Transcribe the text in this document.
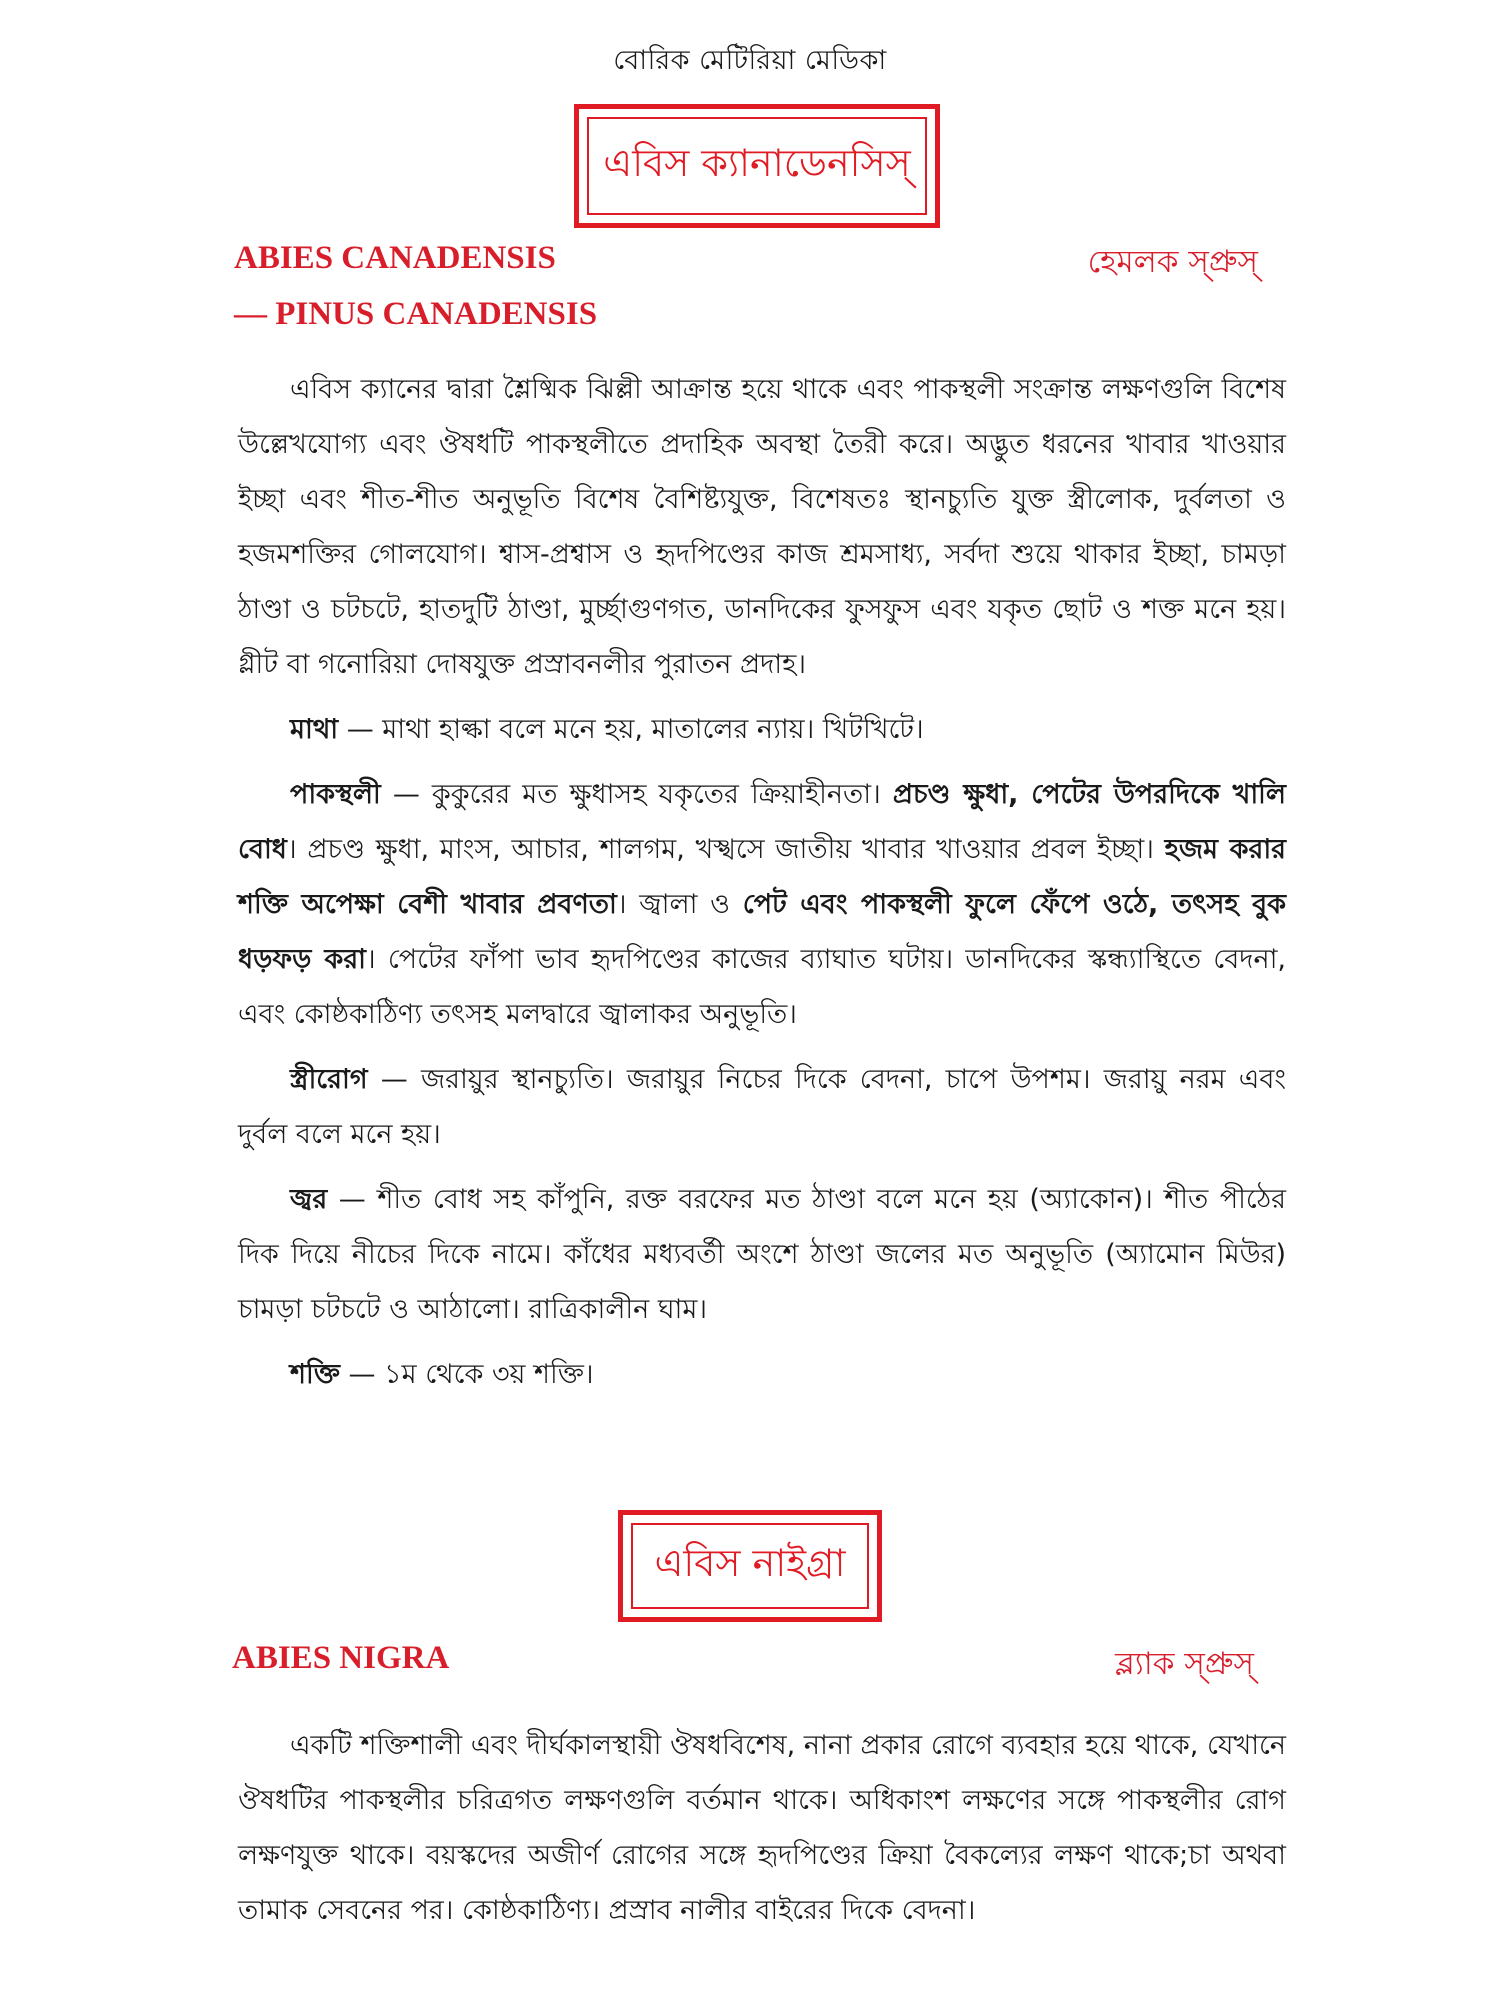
বোরিক মেটিরিয়া মেডিকা
এবিস ক্যানাডেনসিস্
ABIES CANADENSIS
— PINUS CANADENSIS
হেমলক স্প্রুস্

এবিস ক্যানের দ্বারা শ্লৈষ্মিক ঝিল্লী আক্রান্ত হয়ে থাকে এবং পাকস্থলী সংক্রান্ত লক্ষণগুলি বিশেষ উল্লেখযোগ্য এবং ঔষধটি পাকস্থলীতে প্রদাহিক অবস্থা তৈরী করে। অদ্ভুত ধরনের খাবার খাওয়ার ইচ্ছা এবং শীত-শীত অনুভূতি বিশেষ বৈশিষ্ট্যযুক্ত, বিশেষতঃ স্থানচ্যুতি যুক্ত স্ত্রীলোক, দুর্বলতা ও হজমশক্তির গোলযোগ। শ্বাস-প্রশ্বাস ও হৃদপিণ্ডের কাজ শ্রমসাধ্য, সর্বদা শুয়ে থাকার ইচ্ছা, চামড়া ঠাণ্ডা ও চটচটে, হাতদুটি ঠাণ্ডা, মুর্চ্ছাগুণগত, ডানদিকের ফুসফুস এবং যকৃত ছোট ও শক্ত মনে হয়। গ্লীট বা গনোরিয়া দোষযুক্ত প্রস্রাবনলীর পুরাতন প্রদাহ।

মাথা — মাথা হাল্কা বলে মনে হয়, মাতালের ন্যায়। খিটখিটে।

পাকস্থলী — কুকুরের মত ক্ষুধাসহ যকৃতের ক্রিয়াহীনতা। প্রচণ্ড ক্ষুধা, পেটের উপরদিকে খালি বোধ। প্রচণ্ড ক্ষুধা, মাংস, আচার, শালগম, খস্খসে জাতীয় খাবার খাওয়ার প্রবল ইচ্ছা। হজম করার শক্তি অপেক্ষা বেশী খাবার প্রবণতা। জ্বালা ও পেট এবং পাকস্থলী ফুলে ফেঁপে ওঠে, তৎসহ বুক ধড়ফড় করা। পেটের ফাঁপা ভাব হৃদপিণ্ডের কাজের ব্যাঘাত ঘটায়। ডানদিকের স্কন্ধ্যাস্থিতে বেদনা, এবং কোষ্ঠকাঠিণ্য তৎসহ মলদ্বারে জ্বালাকর অনুভূতি।

স্ত্রীরোগ — জরায়ুর স্থানচ্যুতি। জরায়ুর নিচের দিকে বেদনা, চাপে উপশম। জরায়ু নরম এবং দুর্বল বলে মনে হয়।

জ্বর — শীত বোধ সহ কাঁপুনি, রক্ত বরফের মত ঠাণ্ডা বলে মনে হয় (অ্যাকোন)। শীত পীঠের দিক দিয়ে নীচের দিকে নামে। কাঁধের মধ্যবর্তী অংশে ঠাণ্ডা জলের মত অনুভূতি (অ্যামোন মিউর) চামড়া চটচটে ও আঠালো। রাত্রিকালীন ঘাম।

শক্তি — ১ম থেকে ৩য় শক্তি।

এবিস নাইগ্রা
ABIES NIGRA	ব্ল্যাক স্প্রুস্

একটি শক্তিশালী এবং দীর্ঘকালস্থায়ী ঔষধবিশেষ, নানা প্রকার রোগে ব্যবহার হয়ে থাকে, যেখানে ঔষধটির পাকস্থলীর চরিত্রগত লক্ষণগুলি বর্তমান থাকে। অধিকাংশ লক্ষণের সঙ্গে পাকস্থলীর রোগ লক্ষণযুক্ত থাকে। বয়স্কদের অজীর্ণ রোগের সঙ্গে হৃদপিণ্ডের ক্রিয়া বৈকল্যের লক্ষণ থাকে;চা অথবা তামাক সেবনের পর। কোষ্ঠকাঠিণ্য। প্রস্রাব নালীর বাইরের দিকে বেদনা।
